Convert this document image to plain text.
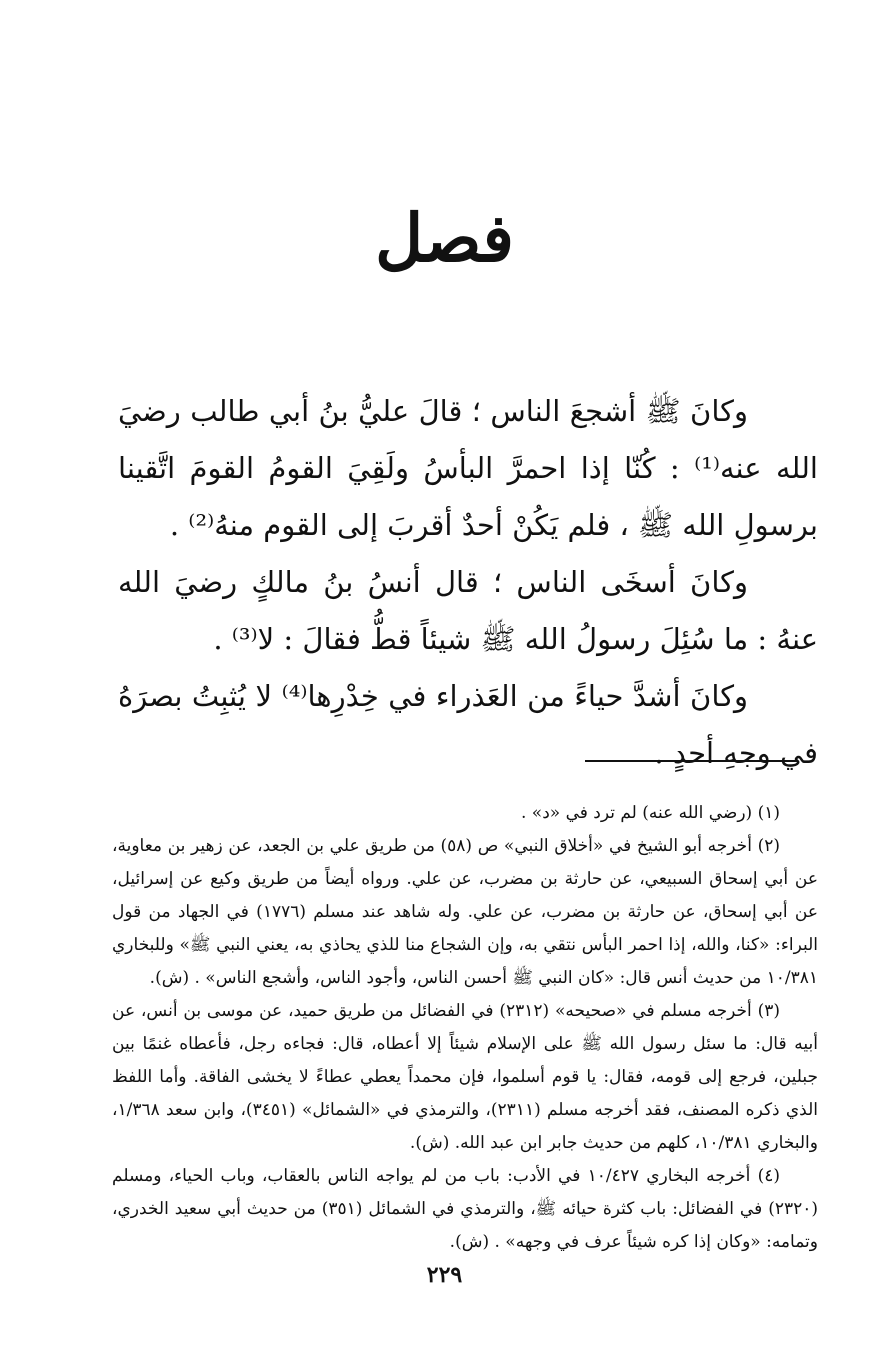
فصل

وكانَ ﷺ أشجعَ الناس ؛ قالَ عليُّ بنُ أبي طالب رضيَ الله عنه⁽¹⁾ : كُنّا إذا احمرَّ البأسُ ولَقِيَ القومُ القومَ اتَّقينا برسولِ الله ﷺ ، فلم يَكُنْ أحدٌ أقربَ إلى القوم منهُ⁽²⁾ .

وكانَ أسخَى الناس ؛ قال أنسُ بنُ مالكٍ رضيَ الله عنهُ : ما سُئِلَ رسولُ الله ﷺ شيئاً قطُّ فقالَ : لا⁽³⁾ .

وكانَ أشدَّ حياءً من العَذراء في خِدْرِها⁽⁴⁾ لا يُثبِتُ بصرَهُ في وجهِ أحدٍ .

(١) (رضي الله عنه) لم ترد في «د» .

(٢) أخرجه أبو الشيخ في «أخلاق النبي» ص (٥٨) من طريق علي بن الجعد، عن زهير بن معاوية، عن أبي إسحاق السبيعي، عن حارثة بن مضرب، عن علي. ورواه أيضاً من طريق وكيع عن إسرائيل، عن أبي إسحاق، عن حارثة بن مضرب، عن علي. وله شاهد عند مسلم (١٧٧٦) في الجهاد من قول البراء: «كنا، والله، إذا احمر البأس نتقي به، وإن الشجاع منا للذي يحاذي به، يعني النبي ﷺ» وللبخاري ١٠/٣٨١ من حديث أنس قال: «كان النبي ﷺ أحسن الناس، وأجود الناس، وأشجع الناس» . (ش).

(٣) أخرجه مسلم في «صحيحه» (٢٣١٢) في الفضائل من طريق حميد، عن موسى بن أنس، عن أبيه قال: ما سئل رسول الله ﷺ على الإسلام شيئاً إلا أعطاه، قال: فجاءه رجل، فأعطاه غنمًا بين جبلين، فرجع إلى قومه، فقال: يا قوم أسلموا، فإن محمداً يعطي عطاءً لا يخشى الفاقة. وأما اللفظ الذي ذكره المصنف، فقد أخرجه مسلم (٢٣١١)، والترمذي في «الشمائل» (٣٤٥١)، وابن سعد ١/٣٦٨، والبخاري ١٠/٣٨١، كلهم من حديث جابر ابن عبد الله. (ش).

(٤) أخرجه البخاري ١٠/٤٢٧ في الأدب: باب من لم يواجه الناس بالعقاب، وباب الحياء، ومسلم (٢٣٢٠) في الفضائل: باب كثرة حيائه ﷺ، والترمذي في الشمائل (٣٥١) من حديث أبي سعيد الخدري، وتمامه: «وكان إذا كره شيئاً عرف في وجهه» . (ش).

٢٢٩
